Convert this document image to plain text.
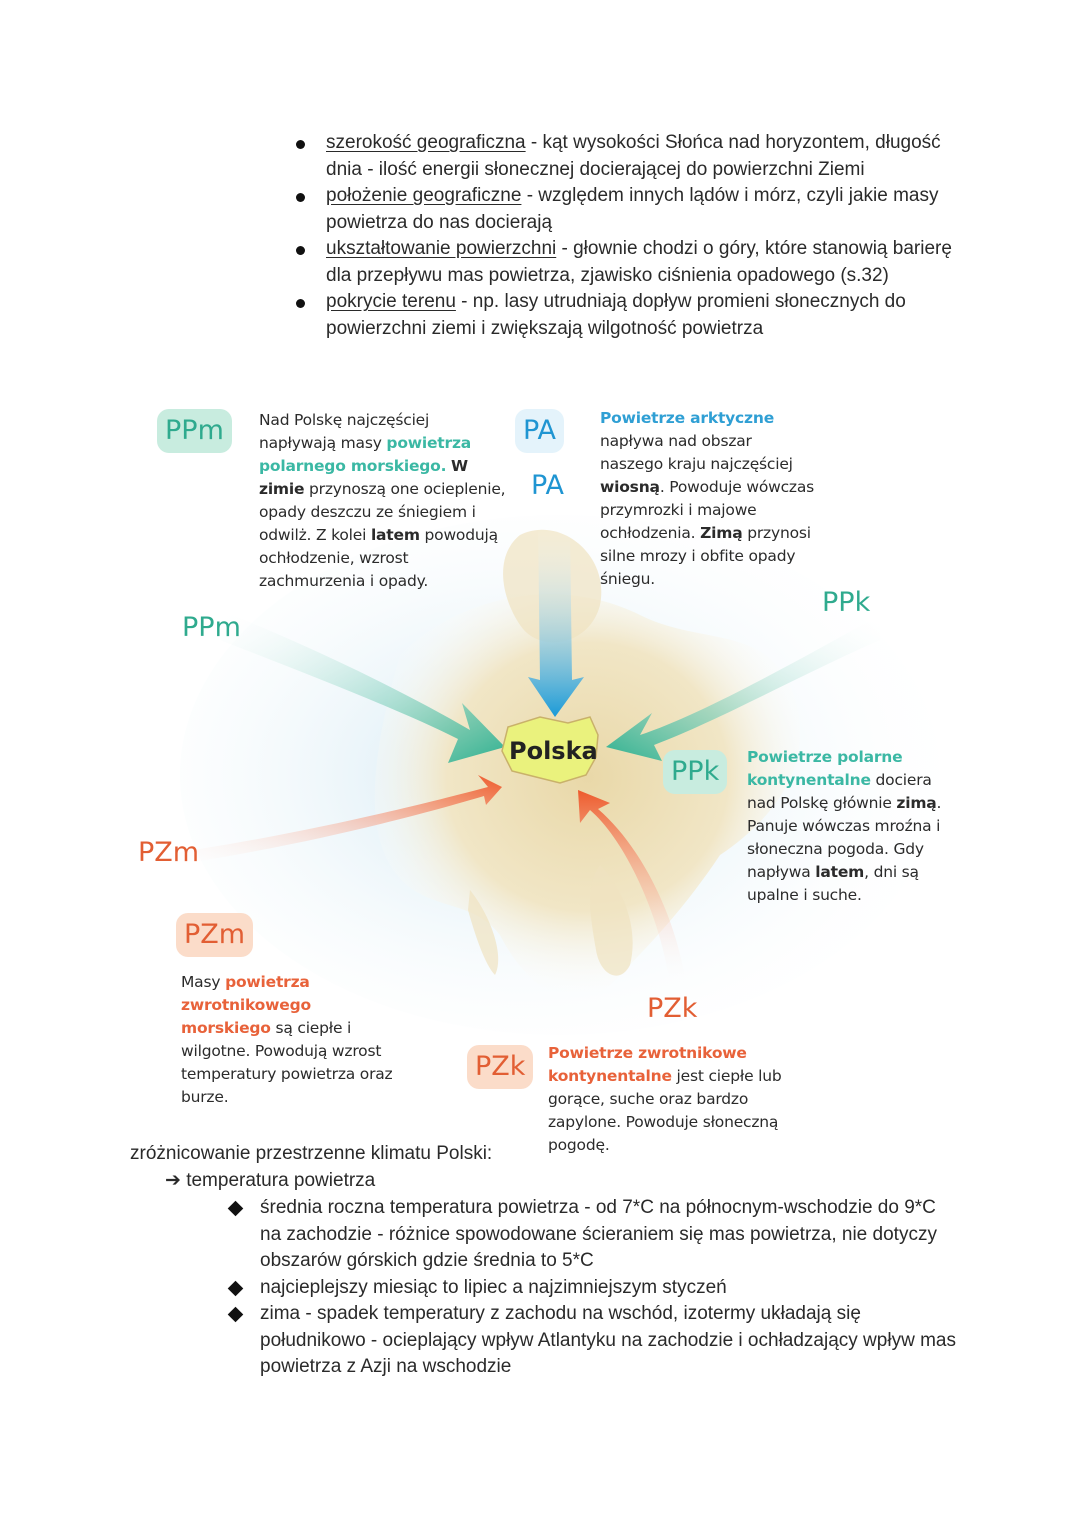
szerokość geograficzna - kąt wysokości Słońca nad horyzontem, długość dnia - ilość energii słonecznej docierającej do powierzchni Ziemi
położenie geograficzne - względem innych lądów i mórz, czyli jakie masy powietrza do nas docierają
ukształtowanie powierzchni - głownie chodzi o góry, które stanowią barierę dla przepływu mas powietrza, zjawisko ciśnienia opadowego (s.32)
pokrycie terenu - np. lasy utrudniają dopływ promieni słonecznych do powierzchni ziemi i zwiększają wilgotność powietrza
Polska
PPm	Nad Polskę najczęściej napływają masy powietrza polarnego morskiego. W zimie przynoszą one ocieplenie, opady deszczu ze śniegiem i odwilż. Z kolei latem powodują ochłodzenie, wzrost zachmurzenia i opady.
PA
PA
Powietrze arktyczne napływa nad obszar naszego kraju najczęściej wiosną. Powoduje wówczas przymrozki i majowe ochłodzenia. Zimą przynosi silne mrozy i obfite opady śniegu.
PPk
PPm
PPk	Powietrze polarne kontynentalne dociera nad Polskę głównie zimą. Panuje wówczas mroźna i słoneczna pogoda. Gdy napływa latem, dni są upalne i suche.
PZm
PZm
Masy powietrza zwrotnikowego morskiego są ciepłe i wilgotne. Powodują wzrost temperatury powietrza oraz burze.
PZk
PZk	Powietrze zwrotnikowe kontynentalne jest ciepłe lub gorące, suche oraz bardzo zapylone. Powoduje słoneczną pogodę.
zróżnicowanie przestrzenne klimatu Polski:
➔ temperatura powietrza
średnia roczna temperatura powietrza - od 7*C na północnym-wschodzie do 9*C na zachodzie - różnice spowodowane ścieraniem się mas powietrza, nie dotyczy obszarów górskich gdzie średnia to 5*C
najcieplejszy miesiąc to lipiec a najzimniejszym styczeń
zima - spadek temperatury z zachodu na wschód, izotermy układają się południkowo - ocieplający wpływ Atlantyku na zachodzie i ochładzający wpływ mas powietrza z Azji na wschodzie
